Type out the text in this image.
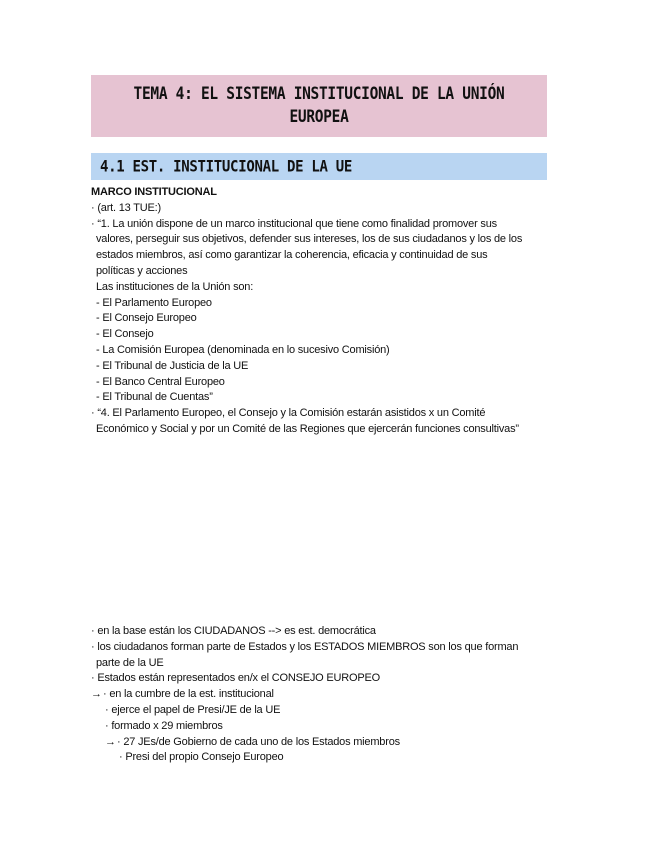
TEMA 4: EL SISTEMA INSTITUCIONAL DE LA UNIÓN EUROPEA
4.1 EST. INSTITUCIONAL DE LA UE
MARCO INSTITUCIONAL
· (art. 13 TUE:)
· “1. La unión dispone de un marco institucional que tiene como finalidad promover sus
valores, perseguir sus objetivos, defender sus intereses, los de sus ciudadanos y los de los
estados miembros, así como garantizar la coherencia, eficacia y continuidad de sus
políticas y acciones
Las instituciones de la Unión son:
- El Parlamento Europeo
- El Consejo Europeo
- El Consejo
- La Comisión Europea (denominada en lo sucesivo Comisión)
- El Tribunal de Justicia de la UE
- El Banco Central Europeo
- El Tribunal de Cuentas”
· “4. El Parlamento Europeo, el Consejo y la Comisión estarán asistidos x un Comité
Económico y Social y por un Comité de las Regiones que ejercerán funciones consultivas”
· en la base están los CIUDADANOS --> es est. democrática
· los ciudadanos forman parte de Estados y los ESTADOS MIEMBROS son los que forman
parte de la UE
· Estados están representados en/x el CONSEJO EUROPEO
→· en la cumbre de la est. institucional
· ejerce el papel de Presi/JE de la UE
· formado x 29 miembros
→· 27 JEs/de Gobierno de cada uno de los Estados miembros
· Presi del propio Consejo Europeo
